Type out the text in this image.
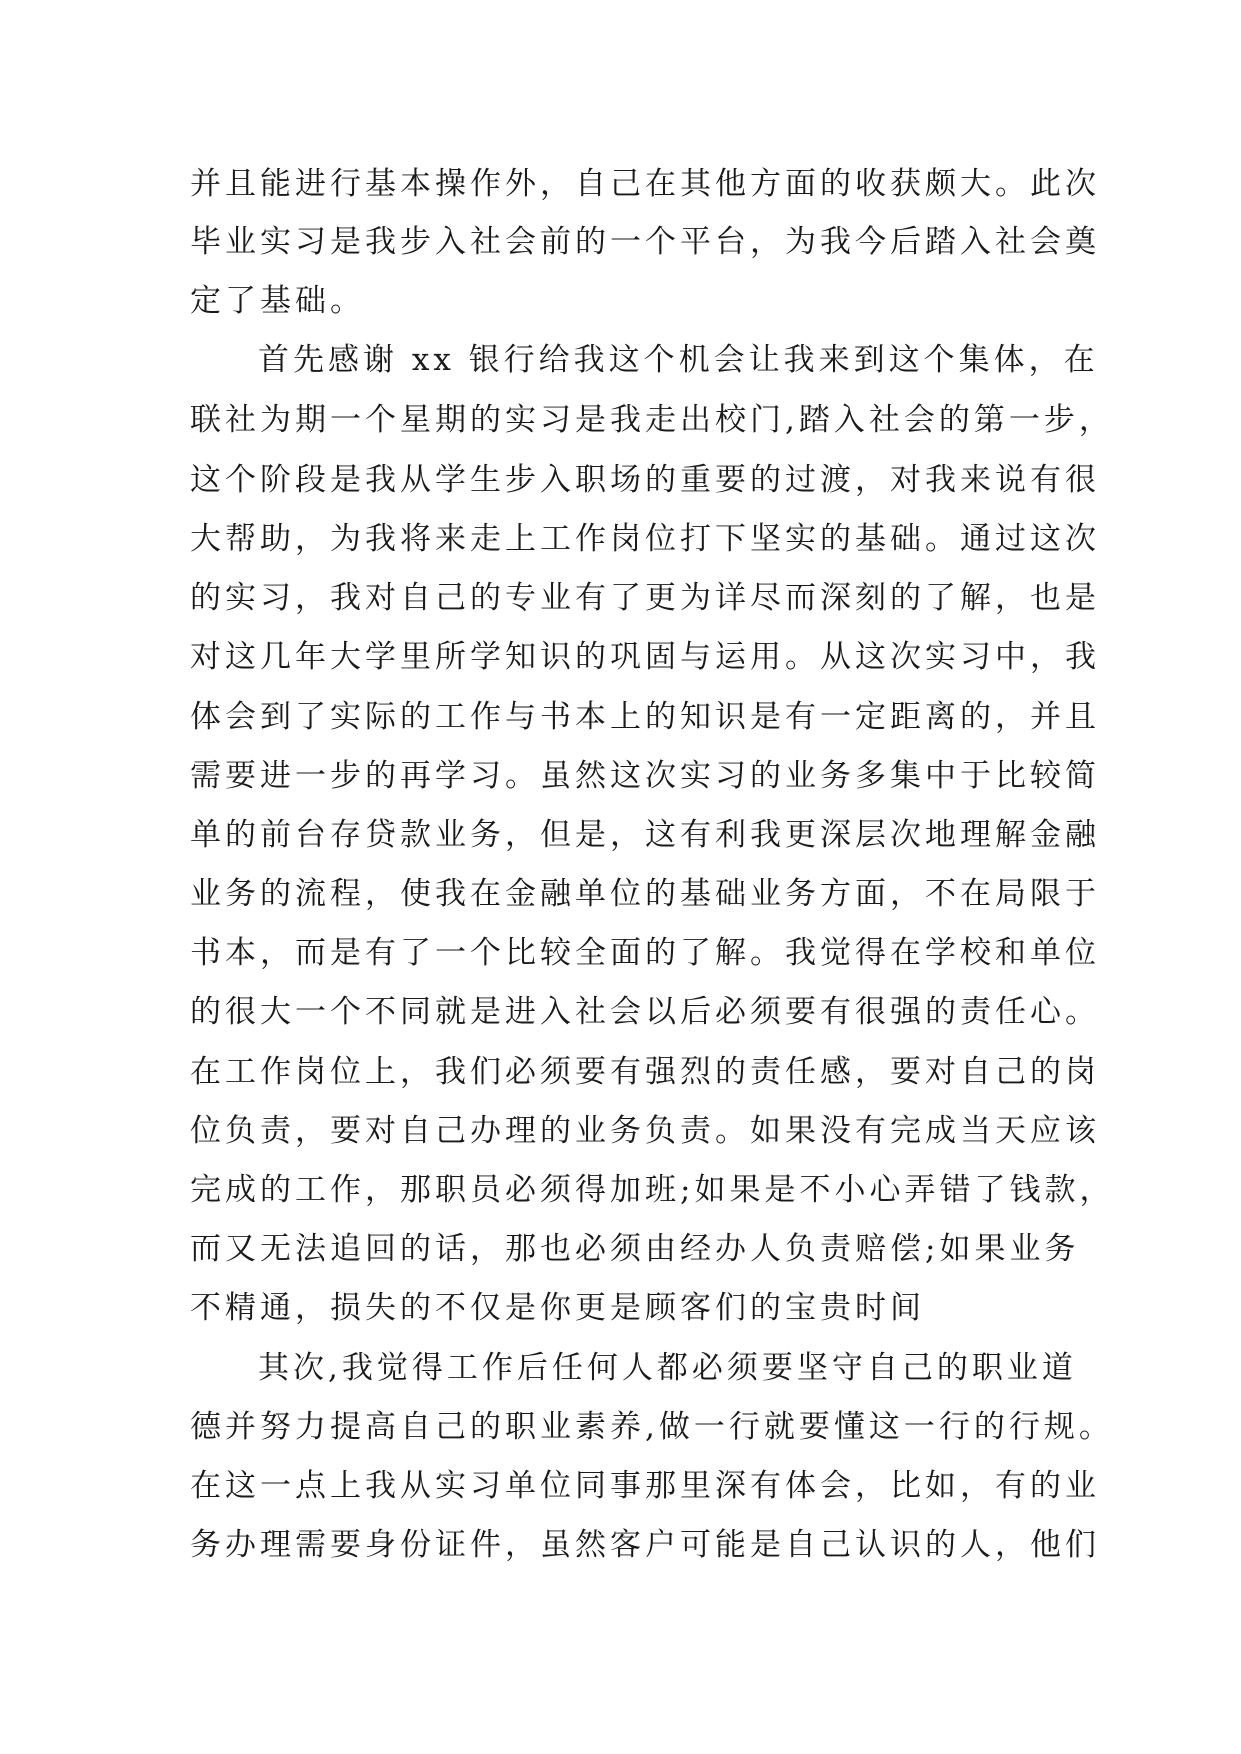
并且能进行基本操作外，自己在其他方面的收获颇大。此次
毕业实习是我步入社会前的一个平台，为我今后踏入社会奠
定了基础。
首先感谢 xx 银行给我这个机会让我来到这个集体，在
联社为期一个星期的实习是我走出校门,踏入社会的第一步，
这个阶段是我从学生步入职场的重要的过渡，对我来说有很
大帮助，为我将来走上工作岗位打下坚实的基础。通过这次
的实习，我对自己的专业有了更为详尽而深刻的了解，也是
对这几年大学里所学知识的巩固与运用。从这次实习中，我
体会到了实际的工作与书本上的知识是有一定距离的，并且
需要进一步的再学习。虽然这次实习的业务多集中于比较简
单的前台存贷款业务，但是，这有利我更深层次地理解金融
业务的流程，使我在金融单位的基础业务方面，不在局限于
书本，而是有了一个比较全面的了解。我觉得在学校和单位
的很大一个不同就是进入社会以后必须要有很强的责任心。
在工作岗位上，我们必须要有强烈的责任感，要对自己的岗
位负责，要对自己办理的业务负责。如果没有完成当天应该
完成的工作，那职员必须得加班;如果是不小心弄错了钱款，
而又无法追回的话，那也必须由经办人负责赔偿;如果业务
不精通，损失的不仅是你更是顾客们的宝贵时间
其次,我觉得工作后任何人都必须要坚守自己的职业道
德并努力提高自己的职业素养,做一行就要懂这一行的行规。
在这一点上我从实习单位同事那里深有体会，比如，有的业
务办理需要身份证件，虽然客户可能是自己认识的人，他们
